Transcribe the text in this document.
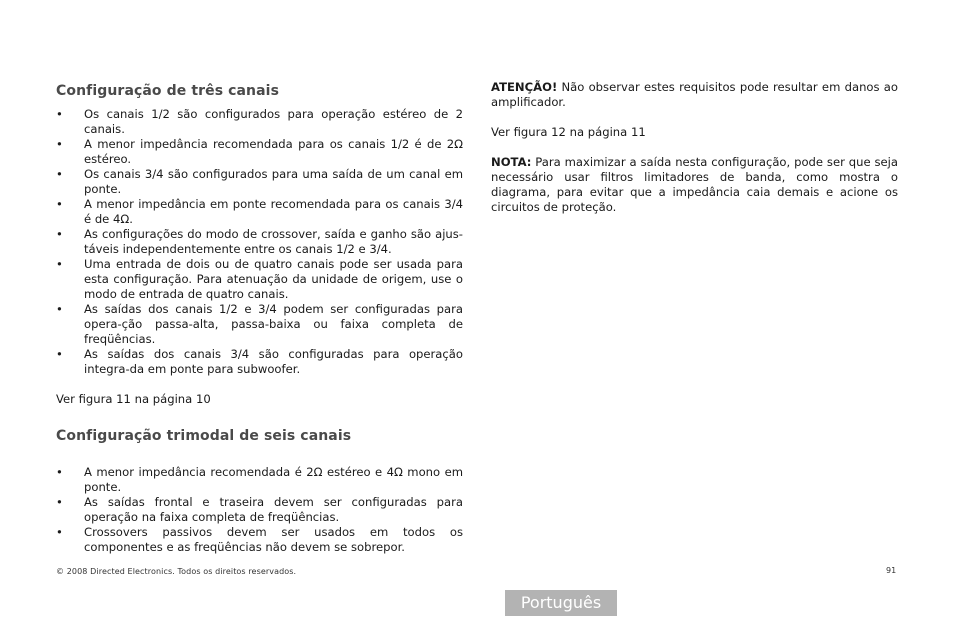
Configuração de três canais
• Os canais 1/2 são configurados para operação estéreo de 2 canais.
• A menor impedância recomendada para os canais 1/2 é de 2Ω estéreo.
• Os canais 3/4 são configurados para uma saída de um canal em ponte.
• A menor impedância em ponte recomendada para os canais 3/4 é de 4Ω.
• As configurações do modo de crossover, saída e ganho são ajus-táveis independentemente entre os canais 1/2 e 3/4.
• Uma entrada de dois ou de quatro canais pode ser usada para esta configuração. Para atenuação da unidade de origem, use o modo de entrada de quatro canais.
• As saídas dos canais 1/2 e 3/4 podem ser configuradas para opera-ção passa-alta, passa-baixa ou faixa completa de freqüências.
• As saídas dos canais 3/4 são configuradas para operação integra-da em ponte para subwoofer.

Ver figura 11 na página 10

Configuração trimodal de seis canais
• A menor impedância recomendada é 2Ω estéreo e 4Ω mono em ponte.
• As saídas frontal e traseira devem ser configuradas para operação na faixa completa de freqüências.
• Crossovers passivos devem ser usados em todos os componentes e as freqüências não devem se sobrepor.

ATENÇÃO! Não observar estes requisitos pode resultar em danos ao amplificador.

Ver figura 12 na página 11

NOTA: Para maximizar a saída nesta configuração, pode ser que seja necessário usar filtros limitadores de banda, como mostra o diagrama, para evitar que a impedância caia demais e acione os circuitos de proteção.

© 2008 Directed Electronics. Todos os direitos reservados.	91
Português
